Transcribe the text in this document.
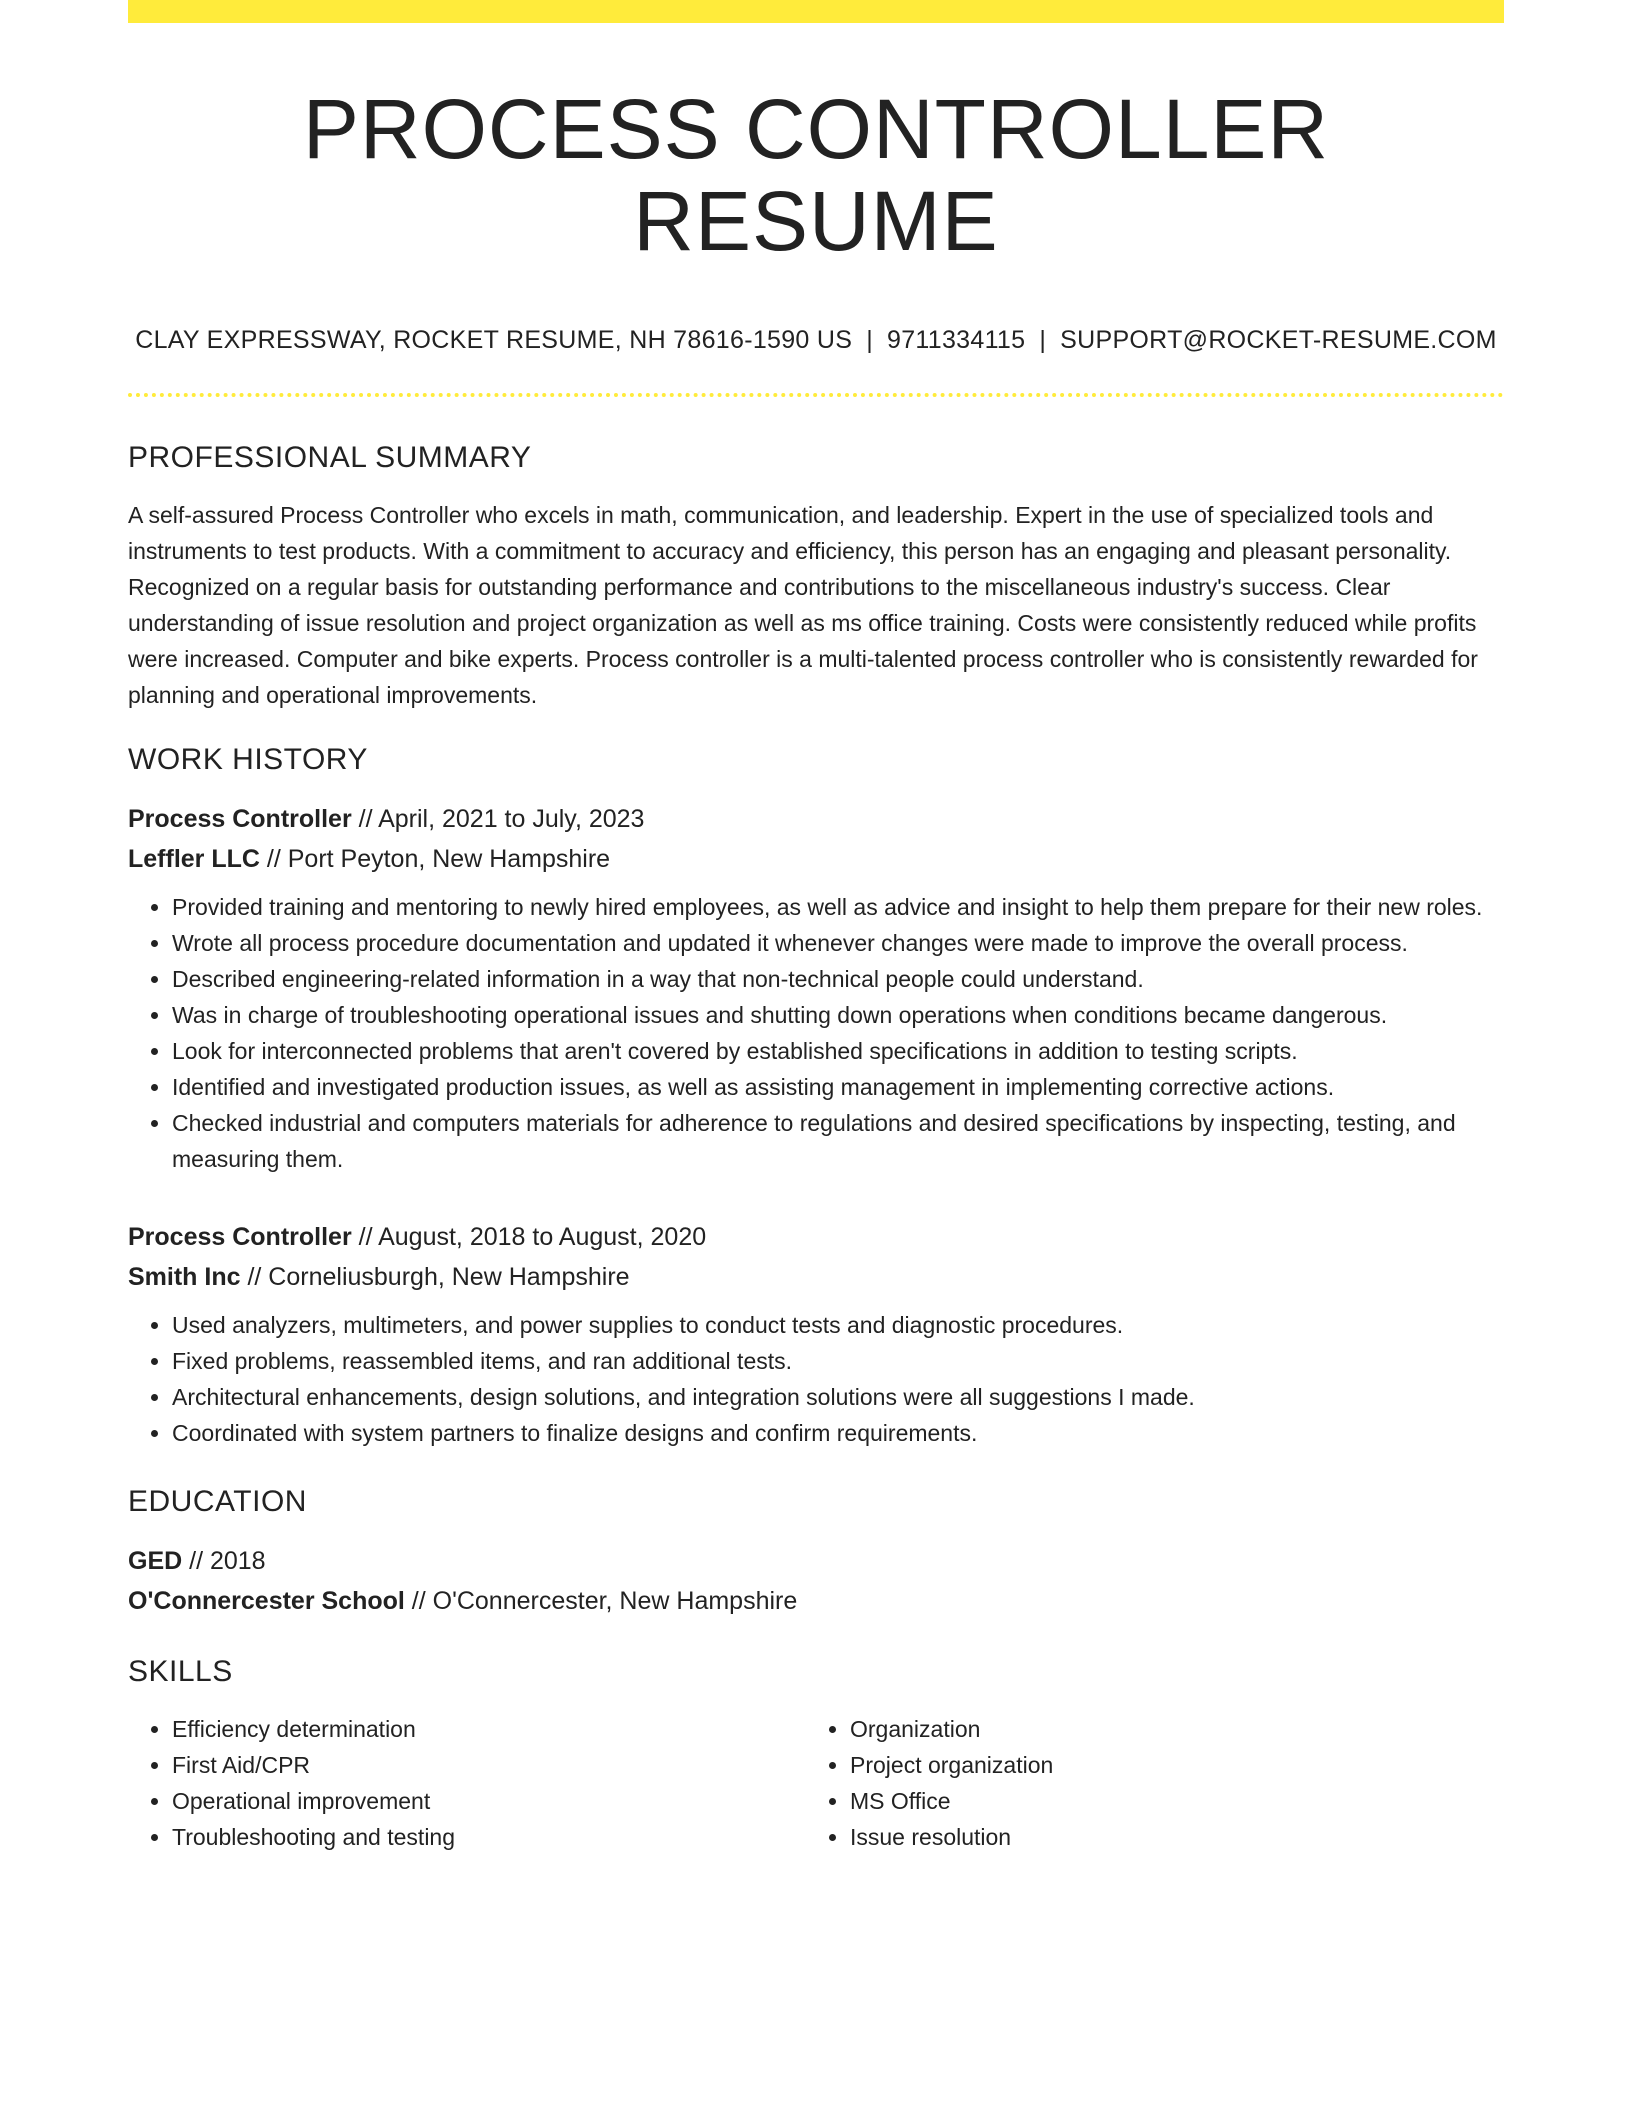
PROCESS CONTROLLER RESUME
CLAY EXPRESSWAY, ROCKET RESUME, NH 78616-1590 US | 9711334115 | SUPPORT@ROCKET-RESUME.COM
PROFESSIONAL SUMMARY
A self-assured Process Controller who excels in math, communication, and leadership. Expert in the use of specialized tools and instruments to test products. With a commitment to accuracy and efficiency, this person has an engaging and pleasant personality. Recognized on a regular basis for outstanding performance and contributions to the miscellaneous industry's success. Clear understanding of issue resolution and project organization as well as ms office training. Costs were consistently reduced while profits were increased. Computer and bike experts. Process controller is a multi-talented process controller who is consistently rewarded for planning and operational improvements.
WORK HISTORY
Process Controller // April, 2021 to July, 2023
Leffler LLC // Port Peyton, New Hampshire
• Provided training and mentoring to newly hired employees, as well as advice and insight to help them prepare for their new roles.
• Wrote all process procedure documentation and updated it whenever changes were made to improve the overall process.
• Described engineering-related information in a way that non-technical people could understand.
• Was in charge of troubleshooting operational issues and shutting down operations when conditions became dangerous.
• Look for interconnected problems that aren't covered by established specifications in addition to testing scripts.
• Identified and investigated production issues, as well as assisting management in implementing corrective actions.
• Checked industrial and computers materials for adherence to regulations and desired specifications by inspecting, testing, and measuring them.
Process Controller // August, 2018 to August, 2020
Smith Inc // Corneliusburgh, New Hampshire
• Used analyzers, multimeters, and power supplies to conduct tests and diagnostic procedures.
• Fixed problems, reassembled items, and ran additional tests.
• Architectural enhancements, design solutions, and integration solutions were all suggestions I made.
• Coordinated with system partners to finalize designs and confirm requirements.
EDUCATION
GED // 2018
O'Connercester School // O'Connercester, New Hampshire
SKILLS
• Efficiency determination
• First Aid/CPR
• Operational improvement
• Troubleshooting and testing
• Organization
• Project organization
• MS Office
• Issue resolution
